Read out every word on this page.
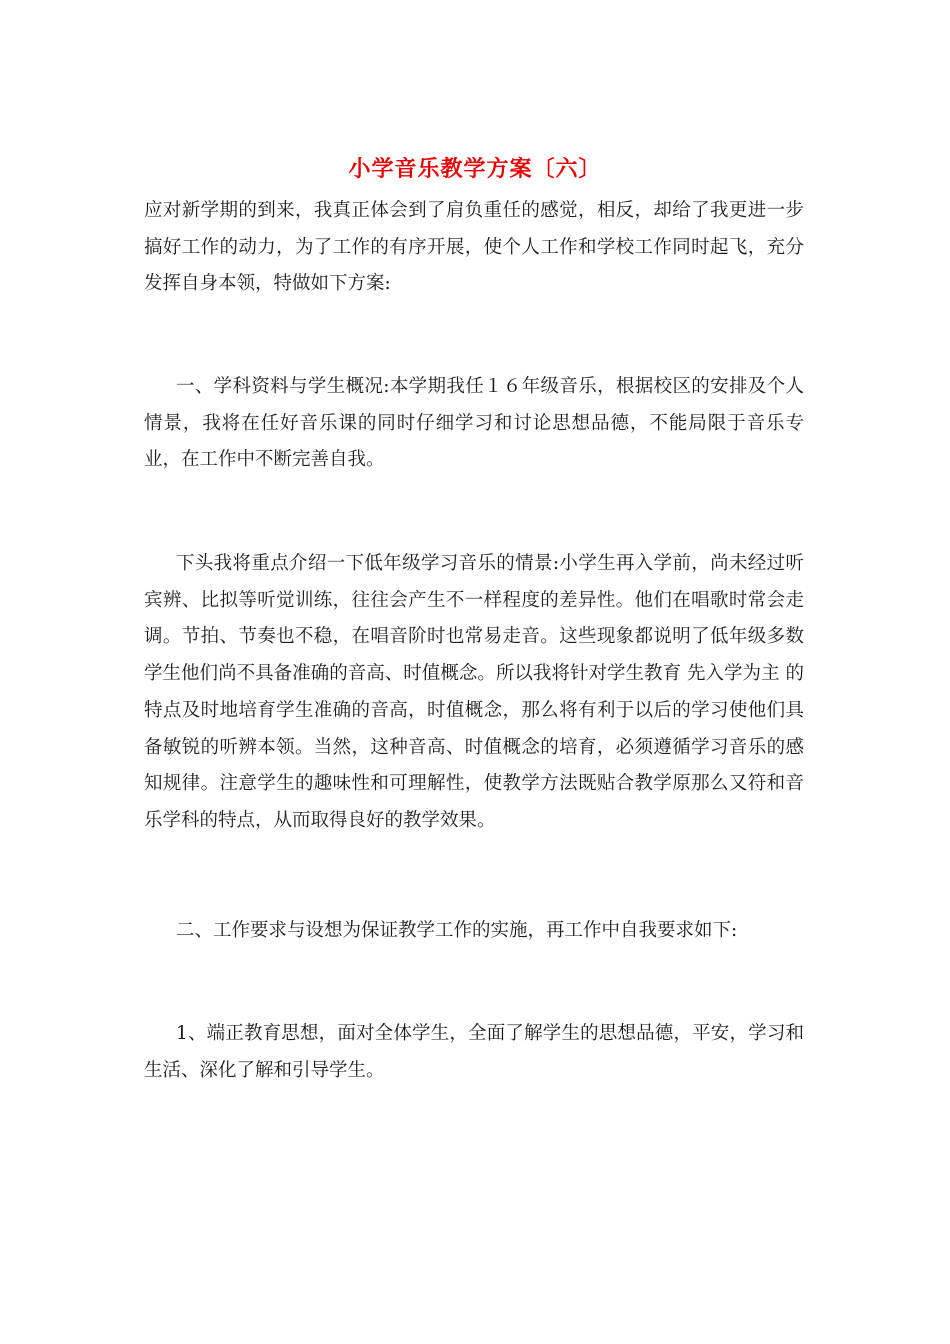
小学音乐教学方案〔六〕

应对新学期的到来，我真正体会到了肩负重任的感觉，相反，却给了我更进一步搞好工作的动力，为了工作的有序开展，使个人工作和学校工作同时起飞，充分发挥自身本领，特做如下方案:

一、学科资料与学生概况:本学期我任１６年级音乐，根据校区的安排及个人情景，我将在任好音乐课的同时仔细学习和讨论思想品德，不能局限于音乐专业，在工作中不断完善自我。

下头我将重点介绍一下低年级学习音乐的情景:小学生再入学前，尚未经过听宾辨、比拟等听觉训练，往往会产生不一样程度的差异性。他们在唱歌时常会走调。节拍、节奏也不稳，在唱音阶时也常易走音。这些现象都说明了低年级多数学生他们尚不具备准确的音高、时值概念。所以我将针对学生教育 先入学为主 的特点及时地培育学生准确的音高，时值概念，那么将有利于以后的学习使他们具备敏锐的听辨本领。当然，这种音高、时值概念的培育，必须遵循学习音乐的感知规律。注意学生的趣味性和可理解性，使教学方法既贴合教学原那么又符和音乐学科的特点，从而取得良好的教学效果。

二、工作要求与设想为保证教学工作的实施，再工作中自我要求如下:

1、端正教育思想，面对全体学生，全面了解学生的思想品德，平安，学习和生活、深化了解和引导学生。
